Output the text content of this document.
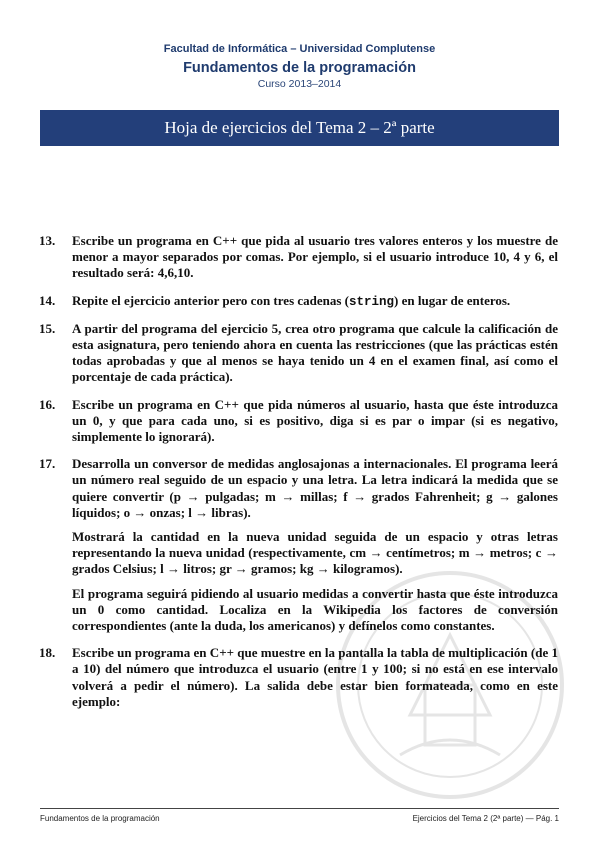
Facultad de Informática – Universidad Complutense
Fundamentos de la programación
Curso 2013–2014
Hoja de ejercicios del Tema 2 – 2ª parte
13. Escribe un programa en C++ que pida al usuario tres valores enteros y los muestre de menor a mayor separados por comas. Por ejemplo, si el usuario introduce 10, 4 y 6, el resultado será: 4,6,10.

14. Repite el ejercicio anterior pero con tres cadenas (string) en lugar de enteros.

15. A partir del programa del ejercicio 5, crea otro programa que calcule la calificación de esta asignatura, pero teniendo ahora en cuenta las restricciones (que las prácticas estén todas aprobadas y que al menos se haya tenido un 4 en el examen final, así como el porcentaje de cada práctica).

16. Escribe un programa en C++ que pida números al usuario, hasta que éste introduzca un 0, y que para cada uno, si es positivo, diga si es par o impar (si es negativo, simplemente lo ignorará).

17. Desarrolla un conversor de medidas anglosajonas a internacionales. El programa leerá un número real seguido de un espacio y una letra. La letra indicará la medida que se quiere convertir (p → pulgadas; m → millas; f → grados Fahrenheit; g → galones líquidos; o → onzas; l → libras).

Mostrará la cantidad en la nueva unidad seguida de un espacio y otras letras representando la nueva unidad (respectivamente, cm → centímetros; m → metros; c → grados Celsius; l → litros; gr → gramos; kg → kilogramos).

El programa seguirá pidiendo al usuario medidas a convertir hasta que éste introduzca un 0 como cantidad. Localiza en la Wikipedia los factores de conversión correspondientes (ante la duda, los americanos) y defínelos como constantes.

18. Escribe un programa en C++ que muestre en la pantalla la tabla de multiplicación (de 1 a 10) del número que introduzca el usuario (entre 1 y 100; si no está en ese intervalo volverá a pedir el número). La salida debe estar bien formateada, como en este ejemplo:

Fundamentos de la programación	Ejercicios del Tema 2 (2ª parte) — Pág. 1
